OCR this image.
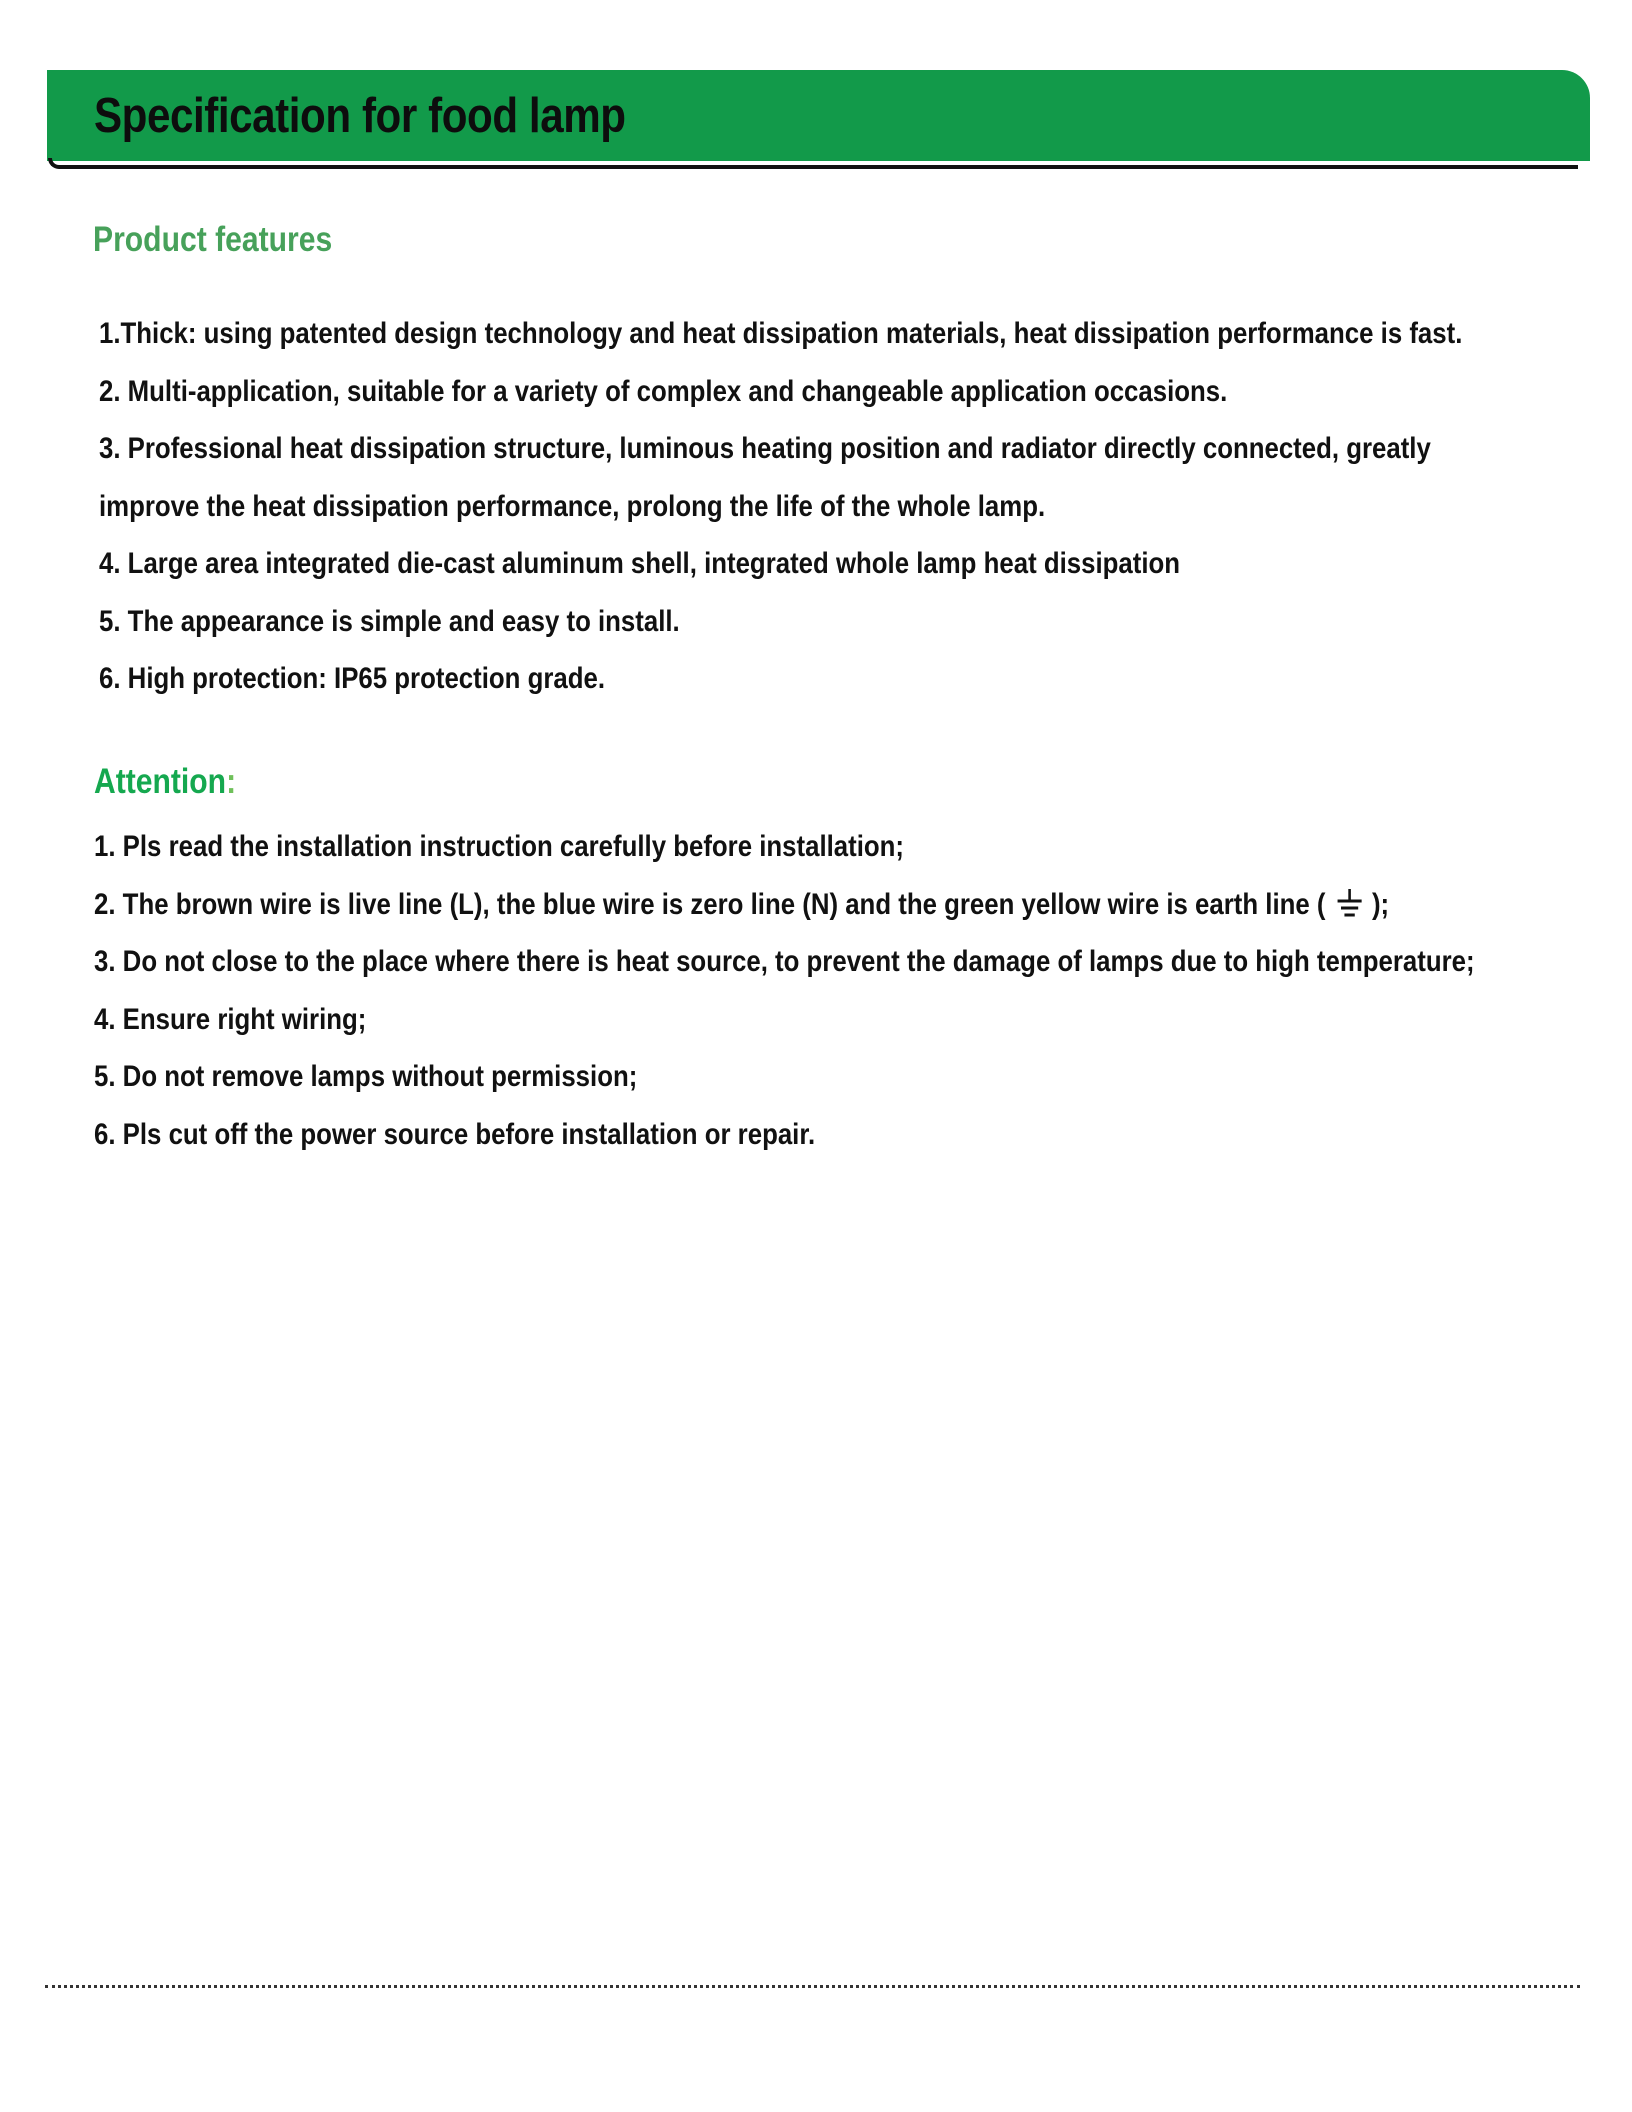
Specification for food lamp
Product features
1.Thick: using patented design technology and heat dissipation materials, heat dissipation performance is fast.
2. Multi-application, suitable for a variety of complex and changeable application occasions.
3. Professional heat dissipation structure, luminous heating position and radiator directly connected, greatly
improve the heat dissipation performance, prolong the life of the whole lamp.
4. Large area integrated die-cast aluminum shell, integrated whole lamp heat dissipation
5. The appearance is simple and easy to install.
6. High protection: IP65 protection grade.
Attention:
1. Pls read the installation instruction carefully before installation;
2. The brown wire is live line (L), the blue wire is zero line (N) and the green yellow wire is earth line ( );
3. Do not close to the place where there is heat source, to prevent the damage of lamps due to high temperature;
4. Ensure right wiring;
5. Do not remove lamps without permission;
6. Pls cut off the power source before installation or repair.
